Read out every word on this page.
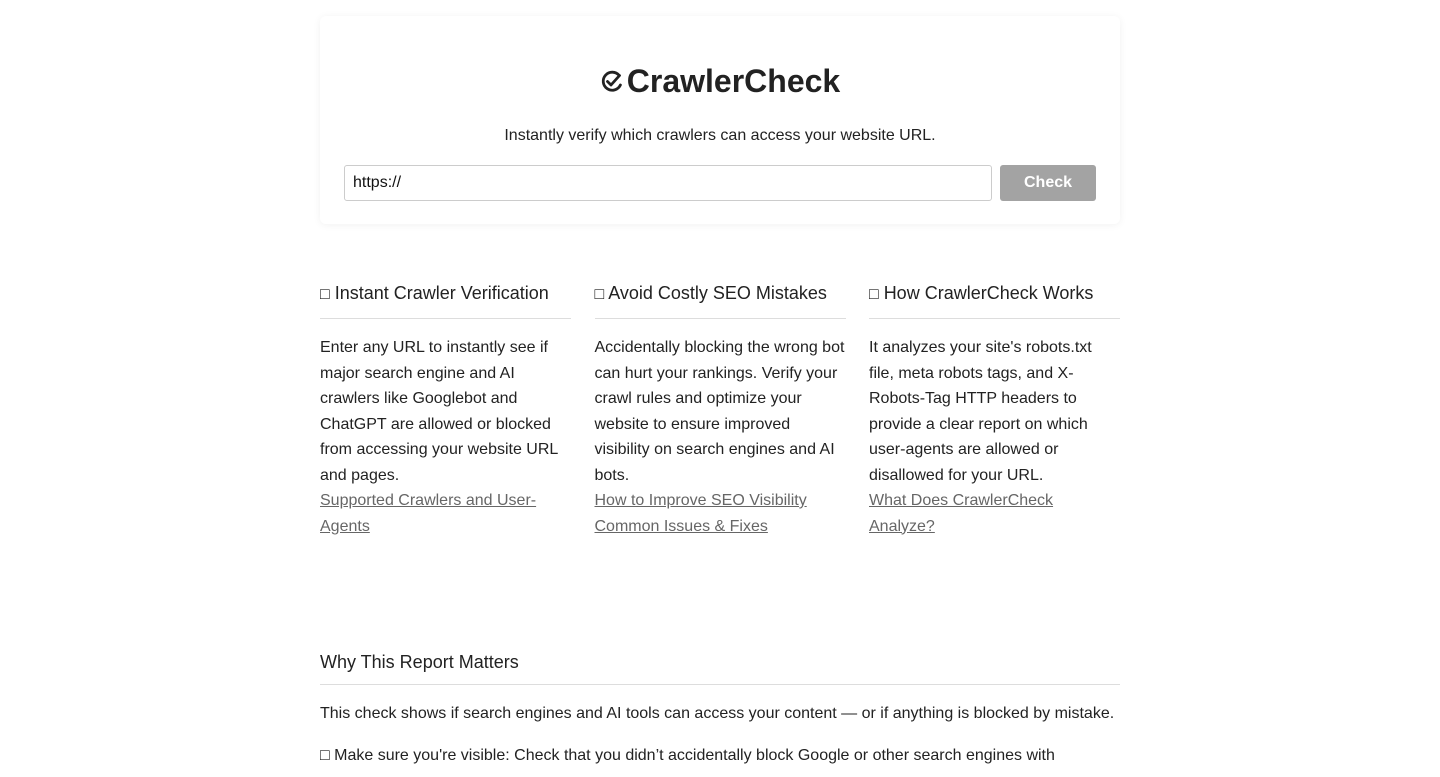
CrawlerCheck
Instantly verify which crawlers can access your website URL.
https://
Check
□ Instant Crawler Verification

Enter any URL to instantly see if major search engine and AI crawlers like Googlebot and ChatGPT are allowed or blocked from accessing your website URL and pages.

Supported Crawlers and User-Agents
□ Avoid Costly SEO Mistakes

Accidentally blocking the wrong bot can hurt your rankings. Verify your crawl rules and optimize your website to ensure improved visibility on search engines and AI bots.

How to Improve SEO Visibility
Common Issues & Fixes
□ How CrawlerCheck Works

It analyzes your site's robots.txt file, meta robots tags, and X-Robots-Tag HTTP headers to provide a clear report on which user-agents are allowed or disallowed for your URL.

What Does CrawlerCheck Analyze?
Why This Report Matters

This check shows if search engines and AI tools can access your content — or if anything is blocked by mistake.

□ Make sure you're visible: Check that you didn’t accidentally block Google or other search engines with
